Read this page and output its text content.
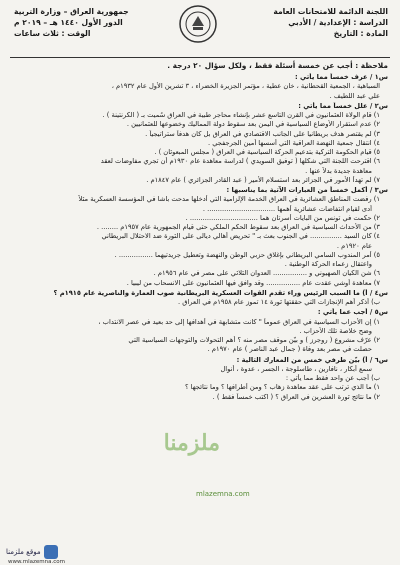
اللجنة الدائمة للامتحانات العامة
الدراسة : الإعدادية / الأدبي
المادة : التاريخ
جمهورية العراق – وزارة التربية
الدور الأول ١٤٤٠ هـ – ٢٠١٩ م
الوقت : ثلاث ساعات
ملاحظة : أجب عن خمسة أسئلة فقط ، ولكل سؤال ٢٠ درجة .
س١ / عرف خمساً مما يأتي :
السباهية ، الجمعية القحطانية ، خان عطية ، مؤتمر الجزيرة الخضراء ، ٣ تشرين الأول عام ١٩٣٢م ،
علي عبد اللطيف .
س٢ / علل خمساً مما يأتي :
١) قام الولاة العثمانيون في القرن التاسع عشر بإنشاء محاجر طبية في العراق سُميت بـ ( الكرنتينة ) .
٢) عدم استقرار الأوضاع السياسية في اليمن بعد سقوط دولة المماليك وخضوعها للعثمانيين .
٣) لم يقتصر هدف بريطانيا على الجانب الاقتصادي في العراق بل كان هدفاً ستراتيجياً .
٤) انتقال جمعية النهضة العراقية التي أسسها أمين الجرجفجي .
٥) قيام الحكومة التركية بتدعيم الحركة السياسية في العراق ( مجلس المبعوثان ) .
٦) اقترحت اللجنة التي شكلها ( توفيق السويدي ) لدراسة معاهدة عام ١٩٣٠م أن تجري مفاوضات لعقد
معاهدة جديدة بدلاً عنها .
٧) لم تهدأ الأمور في الجزائر بعد استسلام الأمير ( عبد القادر الجزائري ) عام ١٨٤٧م .
س٣ / أكمل خمساً من العبارات الآتية بما يناسبها :
١) رفضت المناطق العشائرية في العراق الخدمة الإلزامية التي أدخلها مدحت باشا في المؤسسة العسكرية مثلاً
أدى لقيام انتفاضات عشائرية أهمها ................................ .
٢) حكمت في تونس من البايات أسرتان هما ................................ .
٣) من الأحداث السياسية في العراق بعد سقوط الحكم الملكي حتى قيام الجمهورية عام ١٩٥٧م ........ .
٤) كان السيد ............... في الجنوب بعث بـ " تحريض أهالي ديالى على الثورة ضد الاحتلال البريطاني
عام ١٩٢٠م .
٥) أمر المندوب السامي البريطاني بإغلاق حزبي الوطن والنهضة وتعطيل جريدتيهما ................ .
واعتقال زعماء الحركة الوطنية .
٦) شن الكيان الصهيوني و ................ العدوان الثلاثي على مصر في عام ١٩٥٦م .
٧) معاهدة أوشي عقدت عام ................ وقد وافق فيها العثمانيون على الانسحاب من ليبيا .
س٤ / أ) ما السبب الرئيس وراء تقدم القوات العسكرية البريطانية صوب العمارة والناصرية عام ١٩١٥م ؟
ب) أذكر أهم الإنجازات التي حققتها ثورة ١٤ تموز عام ١٩٥٨م في العراق .
س٥ / أجب عما يأتي :
١) إن الأحزاب السياسية في العراق عموماً " كانت متشابهة في أهدافها إلى حد بعيد في عصر الانتداب ،
وضح خلاصة تلك الأحزاب .
٢) عرّف مشروع ( روجرز ) و بيّن موقف مصر منه ؟ أهم التحولات والتوجهات السياسية التي
حصلت في مصر بعد وفاة ( جمال عبد الناصر ) عام ١٩٧٠م .
س٦ / أ) بيّن طرفي خمس من المعارك التالية :
سمع أبكار ، نافارين ، طاسلوجة ، الجسر ، عدوة ، أنوال
ب) أجب عن واحد فقط مما يأتي :
١) ما الذي ترتب على عقد معاهدة زهاب ؟ ومن أطرافها ؟ وما نتائجها ؟
٢) ما نتائج ثورة العشرين في العراق ؟ ( اكتب خمساً فقط ) .
ملزمنا
mlazemna.com
موقع ملزمنا
www.mlazemna.com
